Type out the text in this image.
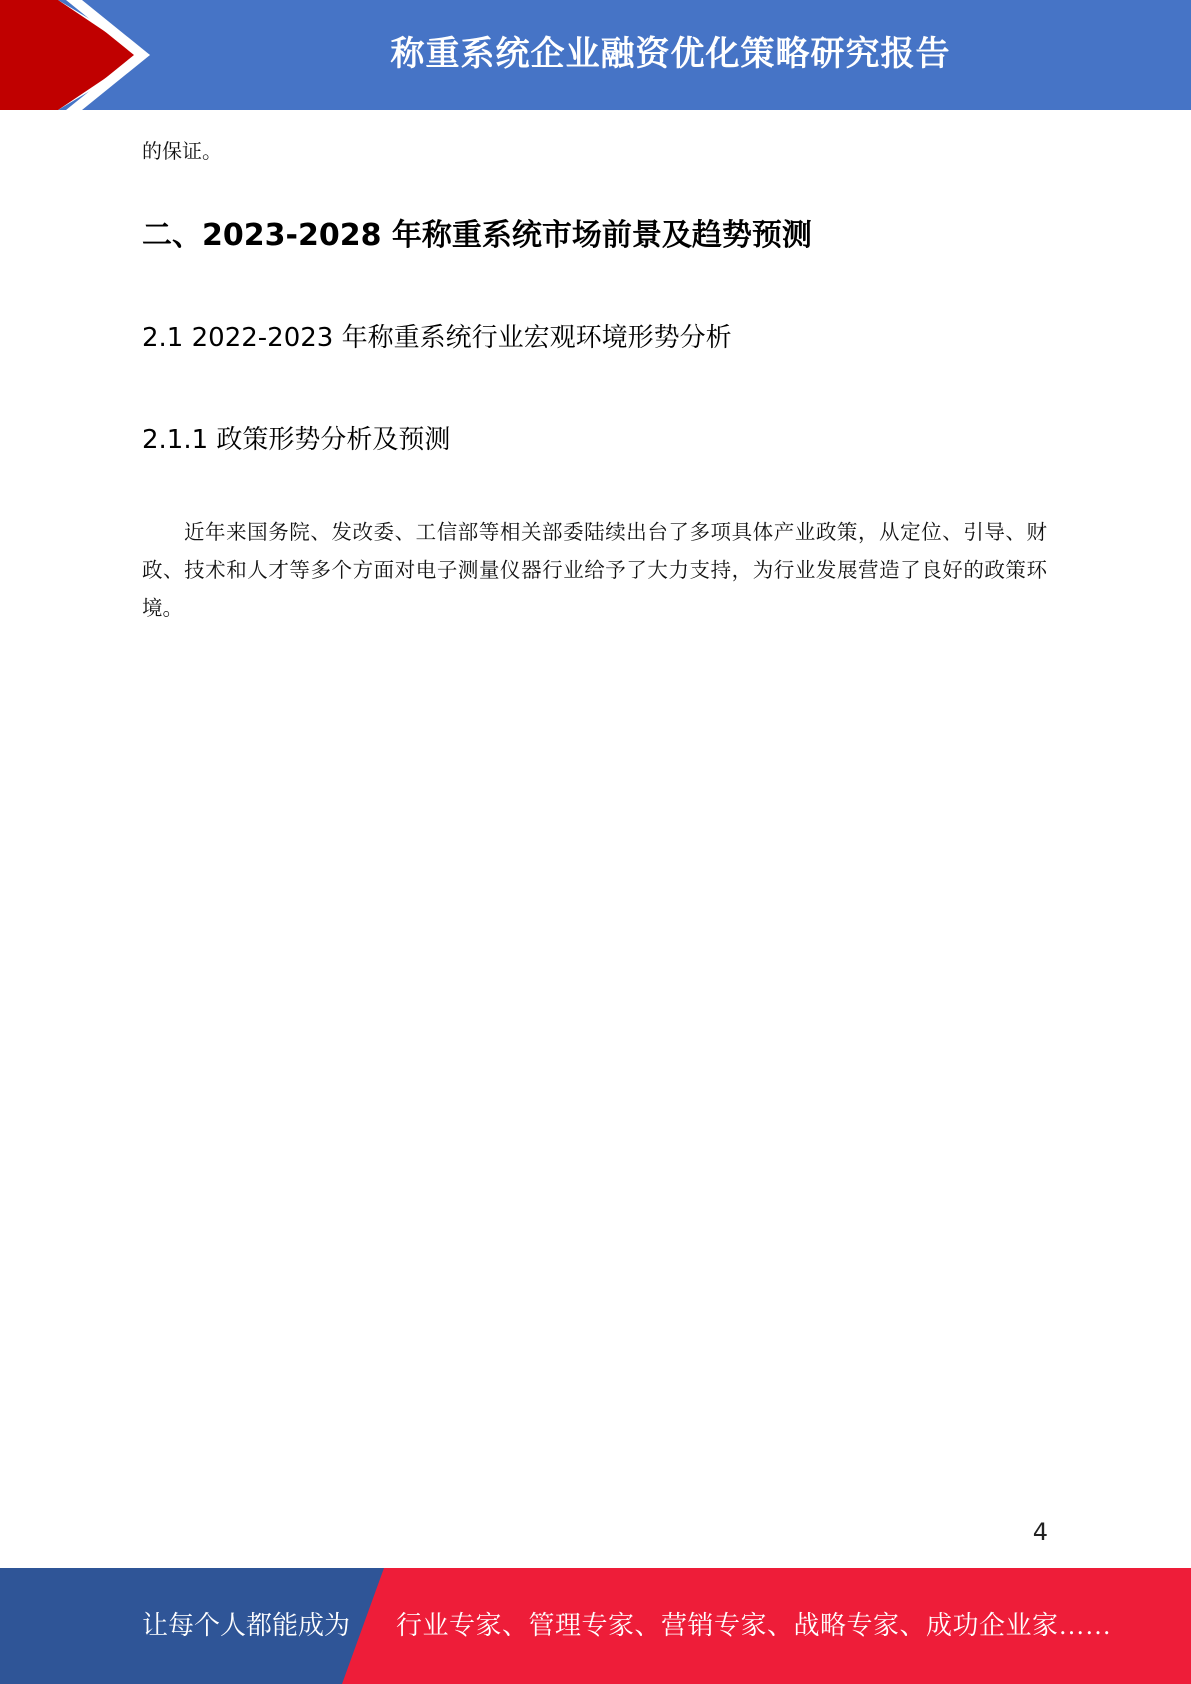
称重系统企业融资优化策略研究报告
的保证。
二、2023-2028 年称重系统市场前景及趋势预测
2.1 2022-2023 年称重系统行业宏观环境形势分析
2.1.1 政策形势分析及预测

近年来国务院、发改委、工信部等相关部委陆续出台了多项具体产业政策，从定位、引导、财政、技术和人才等多个方面对电子测量仪器行业给予了大力支持，为行业发展营造了良好的政策环境。

4
让每个人都能成为 行业专家、管理专家、营销专家、战略专家、成功企业家……
